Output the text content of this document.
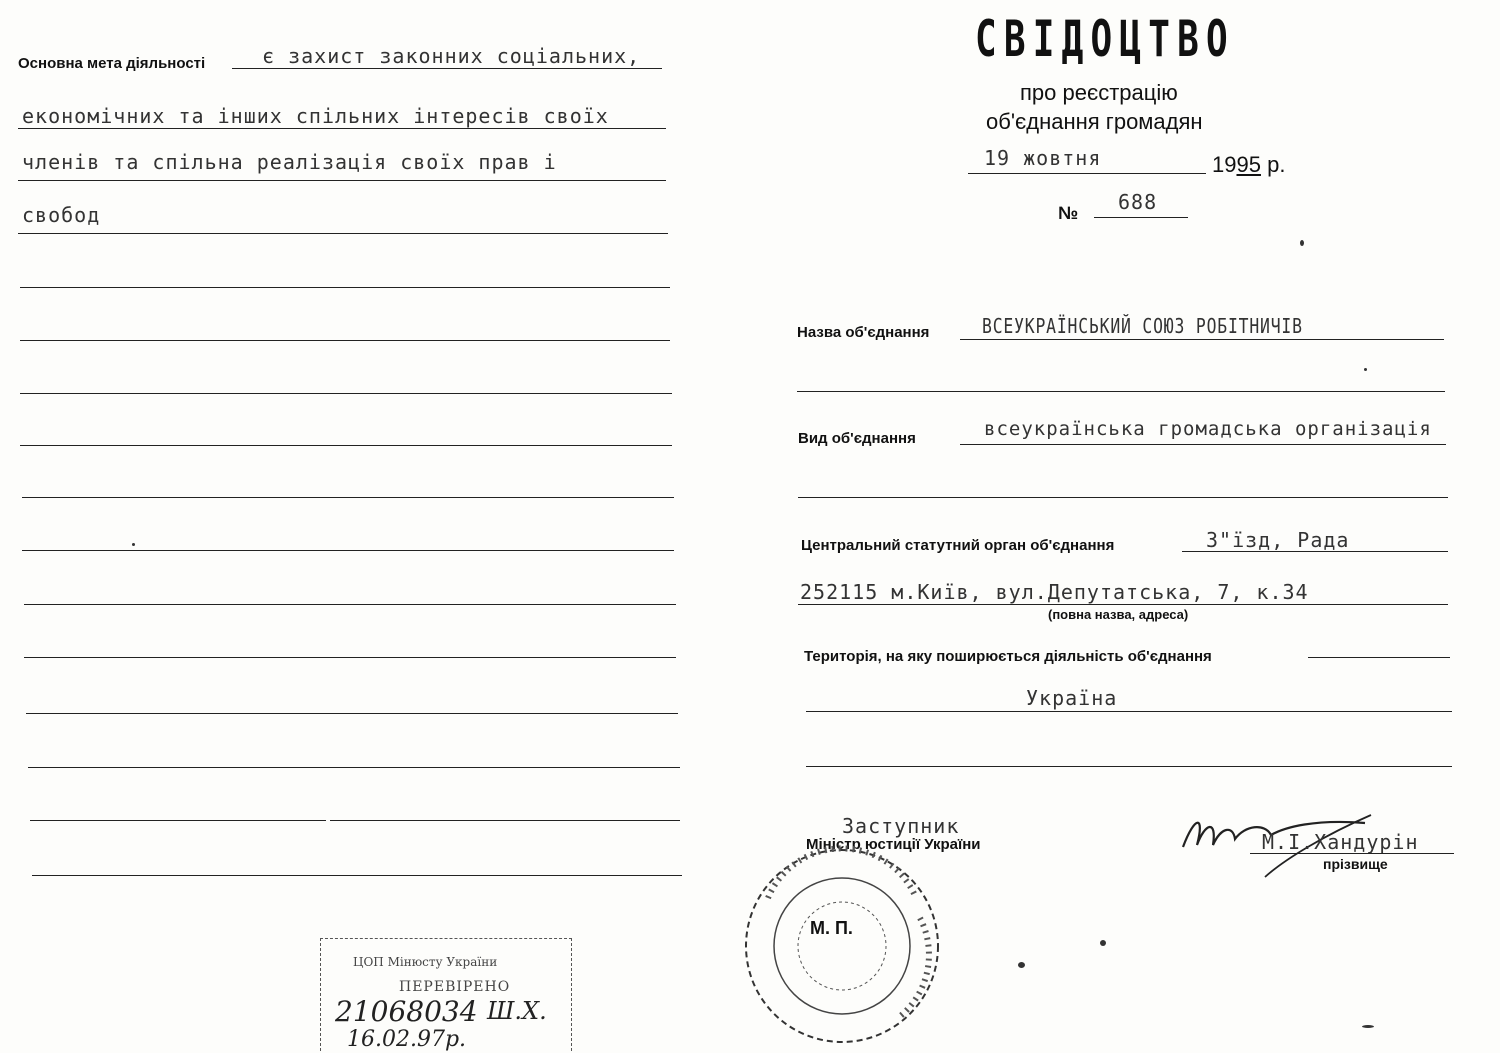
Основна мета діяльності	є захист законних соціальних,
економічних та інших спільних інтересів своїх
членів та спільна реалізація своїх прав і
свобод
ЦОП Мінюсту України
ПЕРЕВІРЕНО
21068034 Ш.Х.
16.02.97р.
СВІДОЦТВО
про реєстрацію
об'єднання громадян
19 жовтня	1995 р.
№ 688
Назва об'єднання	ВСЕУКРАЇНСЬКИЙ СОЮЗ РОБІТНИЧІВ
Вид об'єднання	всеукраїнська громадська організація
Центральний статутний орган об'єднання	З"їзд, Рада
252115 м.Київ, вул.Депутатська, 7, к.34
(повна назва, адреса)
Територія, на яку поширюється діяльність об'єднання
Україна
Заступник
Міністр юстиції України	М.І.Хандурін
прізвище
М. П.
